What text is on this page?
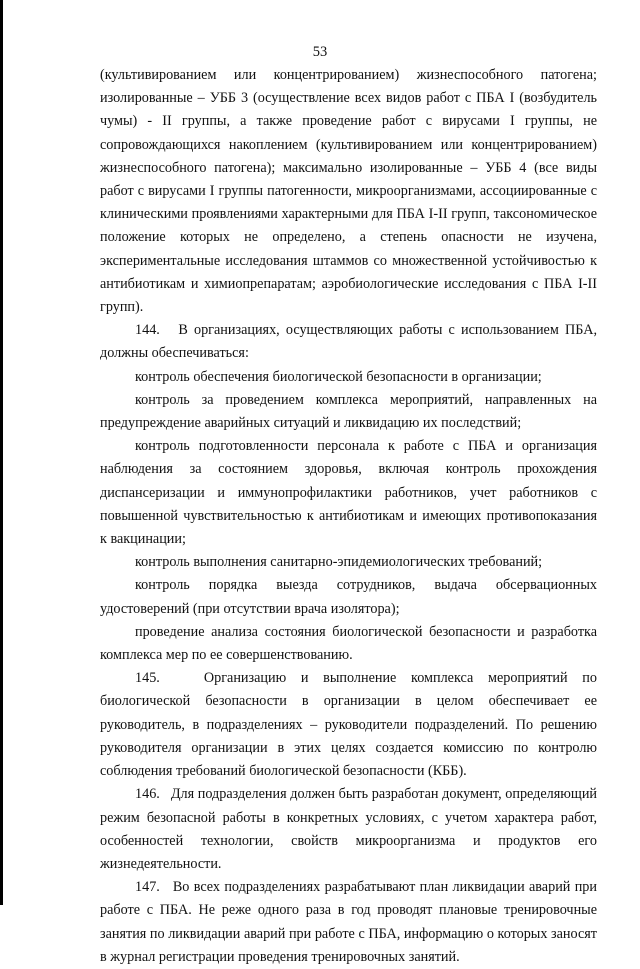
53

(культивированием или концентрированием) жизнеспособного патогена; изолированные – УББ 3 (осуществление всех видов работ с ПБА I (возбудитель чумы) - II группы, а также проведение работ с вирусами I группы, не сопровождающихся накоплением (культивированием или концентрированием) жизнеспособного патогена); максимально изолированные – УББ 4 (все виды работ с вирусами I группы патогенности, микроорганизмами, ассоциированные с клиническими проявлениями характерными для ПБА I-II групп, таксономическое положение которых не определено, а степень опасности не изучена, экспериментальные исследования штаммов со множественной устойчивостью к антибиотикам и химиопрепаратам; аэробиологические исследования с ПБА I-II групп).

144.   В организациях, осуществляющих работы с использованием ПБА, должны обеспечиваться:

контроль обеспечения биологической безопасности в организации;

контроль за проведением комплекса мероприятий, направленных на предупреждение аварийных ситуаций и ликвидацию их последствий;

контроль подготовленности персонала к работе с ПБА и организация наблюдения за состоянием здоровья, включая контроль прохождения диспансеризации и иммунопрофилактики работников, учет работников с повышенной чувствительностью к антибиотикам и имеющих противопоказания к вакцинации;

контроль выполнения санитарно-эпидемиологических требований;

контроль порядка выезда сотрудников, выдача обсервационных удостоверений (при отсутствии врача изолятора);

проведение анализа состояния биологической безопасности и разработка комплекса мер по ее совершенствованию.

145.   Организацию и выполнение комплекса мероприятий по биологической безопасности в организации в целом обеспечивает ее руководитель, в подразделениях – руководители подразделений. По решению руководителя организации в этих целях создается комиссию по контролю соблюдения требований биологической безопасности (КББ).

146.   Для подразделения должен быть разработан документ, определяющий режим безопасной работы в конкретных условиях, с учетом характера работ, особенностей технологии, свойств микроорганизма и продуктов его жизнедеятельности.

147.   Во всех подразделениях разрабатывают план ликвидации аварий при работе с ПБА. Не реже одного раза в год проводят плановые тренировочные занятия по ликвидации аварий при работе с ПБА, информацию о которых заносят в журнал регистрации проведения тренировочных занятий.
